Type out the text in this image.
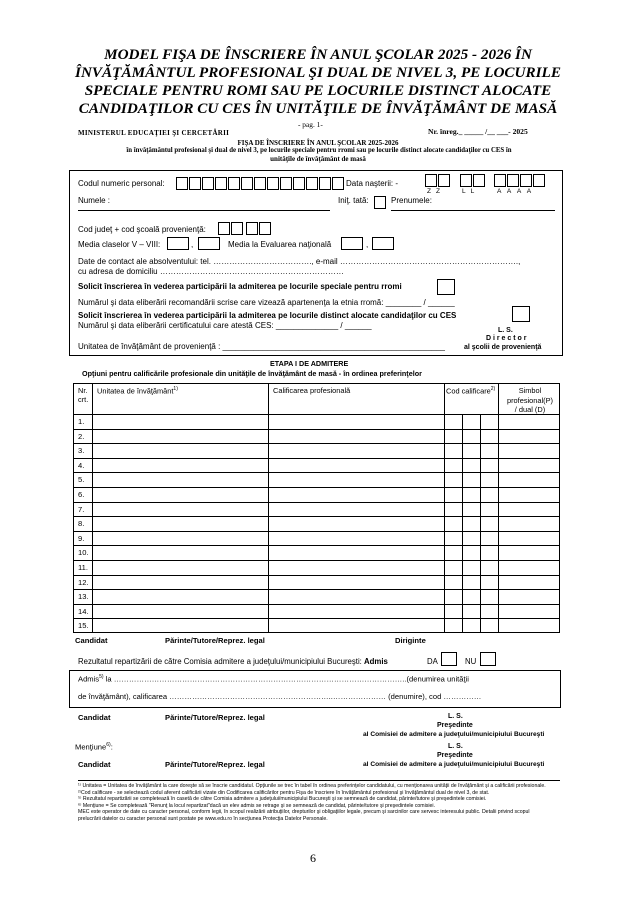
MODEL FIŞA DE ÎNSCRIERE ÎN ANUL ŞCOLAR 2025 - 2026 ÎN
ÎNVĂŢĂMÂNTUL PROFESIONAL ŞI DUAL DE NIVEL 3, PE LOCURILE
SPECIALE PENTRU ROMI SAU PE LOCURILE DISTINCT ALOCATE
CANDIDAŢILOR CU CES ÎN UNITĂŢILE DE ÎNVĂŢĂMÂNT DE MASĂ
- pag. 1-
MINISTERUL EDUCAŢIEI ŞI CERCETĂRII	Nr. înreg._ _____ /__ ___- 2025
FIŞA DE ÎNSCRIERE ÎN ANUL ŞCOLAR 2025-2026
în învăţământul profesional şi dual de nivel 3, pe locurile speciale pentru rromi sau pe locurile distinct alocate candidaţilor cu CES în
unităţile de învăţământ de masă
Codul numeric personal:	Data naşterii: -
ZZ	LL	AAAA
Numele :	Iniţ. tată:	Prenumele:
Cod judeţ + cod şcoală provenienţă:
Media claselor V – VIII:	,	Media la Evaluarea naţională	,
Date de contact ale absolventului: tel. ………………………………., e-mail ………………………………………………………….,
cu adresa de domiciliu ……………………………………………………………
Solicit înscrierea în vederea participării la admiterea pe locurile speciale pentru rromi
Numărul şi data eliberării recomandării scrise care vizează apartenenţa la etnia rromă: ________ / ______
Solicit înscrierea în vederea participării la admiterea pe locurile distinct alocate candidaţilor cu CES
Numărul şi data eliberării certificatului care atestă CES: ______________ / ______
L. S.
D i r e c t o r
Unitatea de învăţământ de provenienţă : __________________________________________________	al şcolii de provenienţă
ETAPA I DE ADMITERE
Opţiuni pentru calificările profesionale din unităţile de învăţământ de masă - în ordinea preferinţelor
Nr.
crt.
Unitatea de învăţământ$^{1)}$	Calificarea profesională	Cod calificare$^{2)}$	Simbol
profesional(P)
/ dual (D)
1.
2.
3.
4.
5.
6.
7.
8.
9.
10.
11.
12.
13.
14.
15.
Candidat	Părinte/Tutore/Reprez. legal	Diriginte
Rezultatul repartizării de către Comisia admitere a judeţului/municipiului Bucureşti: Admis	DA	NU
Admis$^{5)}$ la ……………………………………………………………………………………………………..(denumirea unităţii
de învăţământ), calificarea ………………………………………………………..………………… (denumire), cod ……………
Candidat	Părinte/Tutore/Reprez. legal	L. S.
Preşedinte
al Comisiei de admitere a judeţului/municipiului Bucureşti
Menţiune$^{6)}$:	L. S.
Preşedinte
Candidat	Părinte/Tutore/Reprez. legal	al Comisiei de admitere a judeţului/municipiului Bucureşti
¹⁾ Unitatea = Unitatea de învăţământ la care doreşte să se înscrie candidatul. Opţiunile se trec în tabel în ordinea preferinţelor candidatului, cu menţionarea unităţii de învăţământ şi a calificării profesionale.
²⁾Cod calificare - se selectează codul aferent calificării vizate din Codificarea calificărilor pentru Fişa de înscriere în învăţământul profesional şi învăţământul dual de nivel 3, de stat.
⁵⁾ Rezultatul repartizării se completează în casetă de către Comisia admitere a judeţului/municipiului Bucureşti şi se semnează de candidat, părinte/tutore şi preşedintele comisiei.
⁶⁾ Menţiune = Se completează "Renunţ la locul repartizat"dacă un elev admis se retrage şi se semnează de candidat, părinte/tutore şi preşedintele comisiei.
MEC este operator de date cu caracter personal, conform legii, în scopul realizării atribuţiilor, drepturilor şi obligaţiilor legale, precum şi sarcinilor care servesc interesului public. Detalii privind scopul
prelucrării datelor cu caracter personal sunt postate pe www.edu.ro în secţiunea Protecţia Datelor Personale.
6
